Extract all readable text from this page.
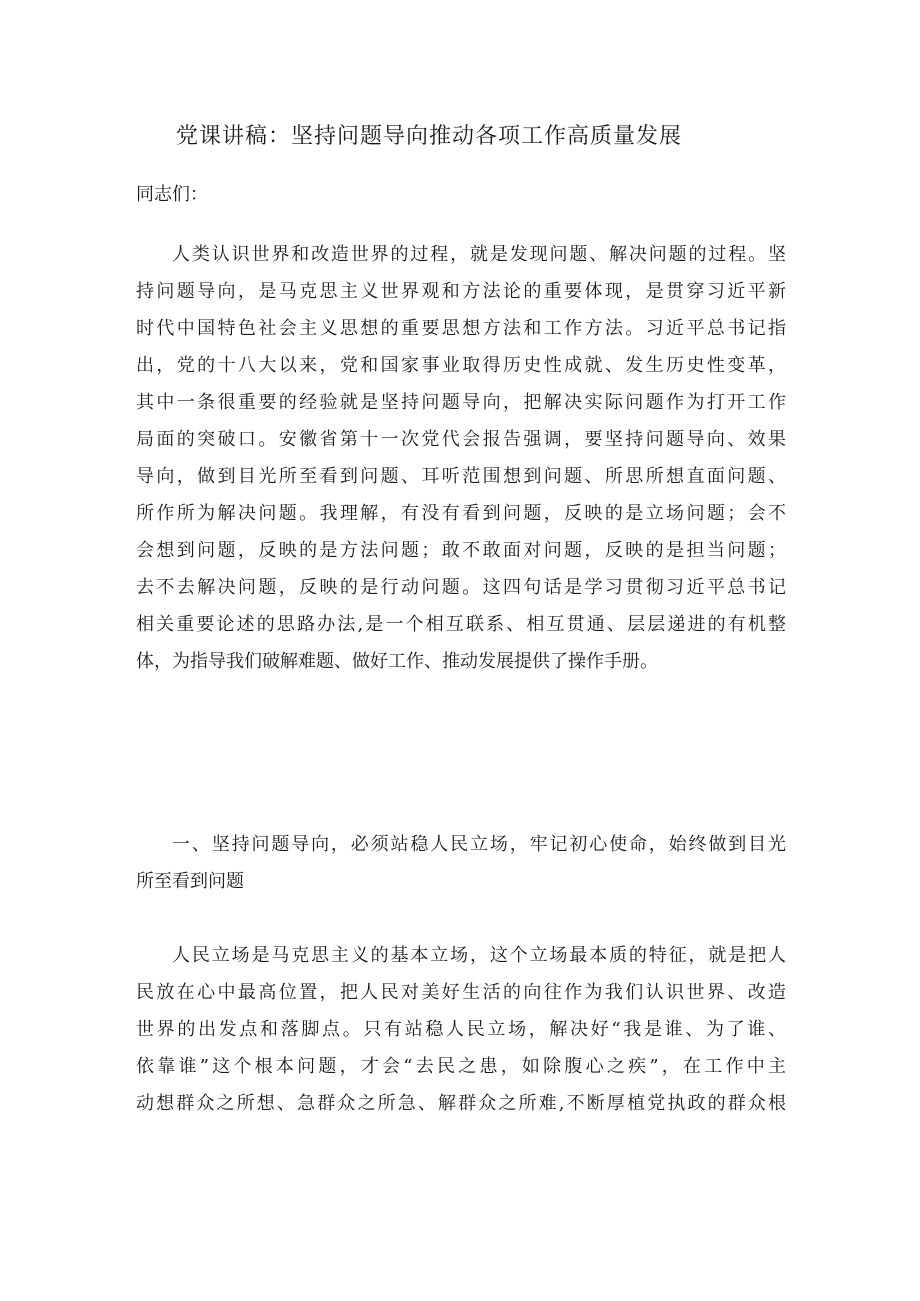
党课讲稿：坚持问题导向推动各项工作高质量发展
同志们：
人类认识世界和改造世界的过程，就是发现问题、解决问题的过程。坚
持问题导向，是马克思主义世界观和方法论的重要体现，是贯穿习近平新
时代中国特色社会主义思想的重要思想方法和工作方法。习近平总书记指
出，党的十八大以来，党和国家事业取得历史性成就、发生历史性变革，
其中一条很重要的经验就是坚持问题导向，把解决实际问题作为打开工作
局面的突破口。安徽省第十一次党代会报告强调，要坚持问题导向、效果
导向，做到目光所至看到问题、耳听范围想到问题、所思所想直面问题、
所作所为解决问题。我理解，有没有看到问题，反映的是立场问题；会不
会想到问题，反映的是方法问题；敢不敢面对问题，反映的是担当问题；
去不去解决问题，反映的是行动问题。这四句话是学习贯彻习近平总书记
相关重要论述的思路办法,是一个相互联系、相互贯通、层层递进的有机整
体，为指导我们破解难题、做好工作、推动发展提供了操作手册。
一、坚持问题导向，必须站稳人民立场，牢记初心使命，始终做到目光
所至看到问题
人民立场是马克思主义的基本立场，这个立场最本质的特征，就是把人
民放在心中最高位置，把人民对美好生活的向往作为我们认识世界、改造
世界的出发点和落脚点。只有站稳人民立场，解决好“我是谁、为了谁、
依靠谁”这个根本问题，才会“去民之患，如除腹心之疾”，在工作中主
动想群众之所想、急群众之所急、解群众之所难,不断厚植党执政的群众根
